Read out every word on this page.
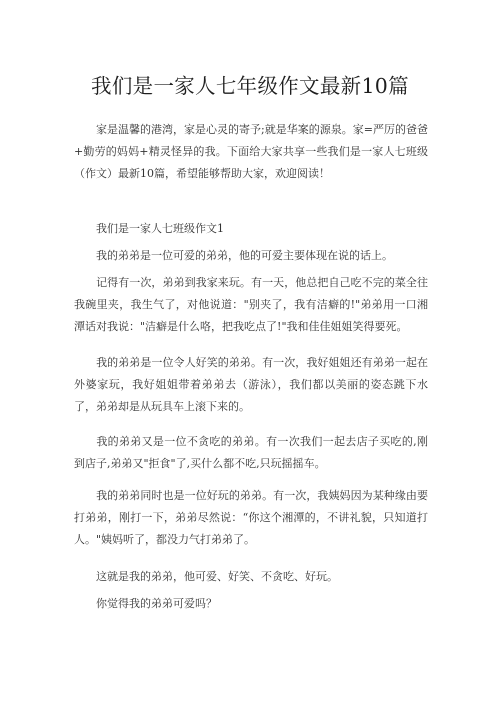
我们是一家人七年级作文最新10篇
家是温馨的港湾，家是心灵的寄予;就是华案的源泉。家=严厉的爸爸+勤劳的妈妈+精灵怪异的我。下面给大家共享一些我们是一家人七班级（作文）最新10篇，希望能够帮助大家，欢迎阅读！
我们是一家人七班级作文1
我的弟弟是一位可爱的弟弟，他的可爱主要体现在说的话上。
记得有一次，弟弟到我家来玩。有一天，他总把自己吃不完的菜全往我碗里夹，我生气了，对他说道："别夹了，我有洁癖的!"弟弟用一口湘潭话对我说："洁癖是什么咯，把我吃点了!"我和佳佳姐姐笑得要死。
我的弟弟是一位令人好笑的弟弟。有一次，我好姐姐还有弟弟一起在外婆家玩，我好姐姐带着弟弟去（游泳），我们都以美丽的姿态跳下水了，弟弟却是从玩具车上滚下来的。
我的弟弟又是一位不贪吃的弟弟。有一次我们一起去店子买吃的,刚到店子,弟弟又"拒食"了,买什么都不吃,只玩摇摇车。
我的弟弟同时也是一位好玩的弟弟。有一次，我姨妈因为某种缘由要打弟弟，刚打一下，弟弟尽然说：“你这个湘潭的，不讲礼貌，只知道打人。"姨妈听了，都没力气打弟弟了。
这就是我的弟弟，他可爱、好笑、不贪吃、好玩。
你觉得我的弟弟可爱吗？
